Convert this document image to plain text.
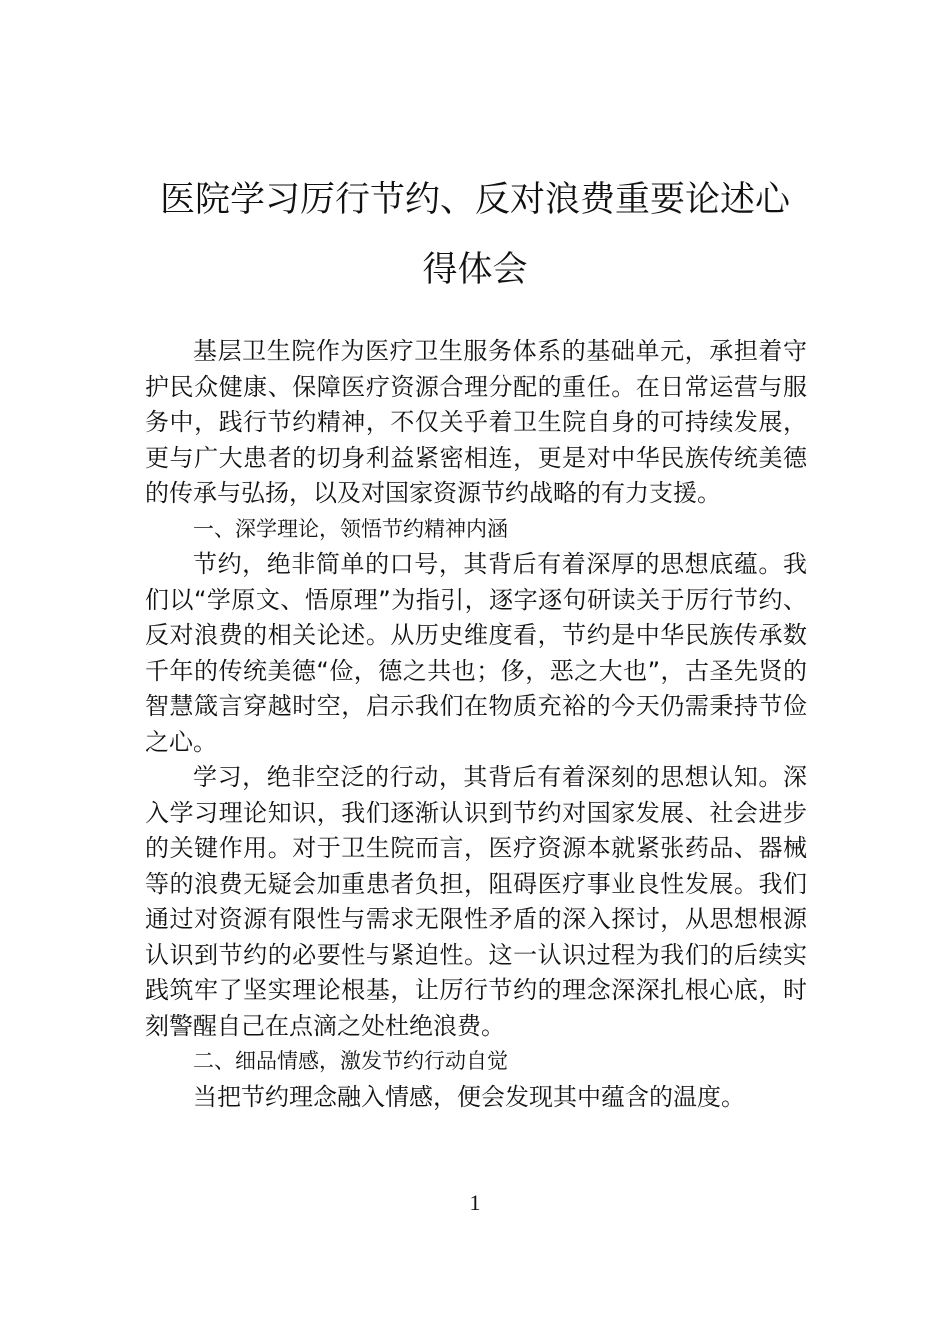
医院学习厉行节约、反对浪费重要论述心
得体会

基层卫生院作为医疗卫生服务体系的基础单元，承担着守护民众健康、保障医疗资源合理分配的重任。在日常运营与服务中，践行节约精神，不仅关乎着卫生院自身的可持续发展，更与广大患者的切身利益紧密相连，更是对中华民族传统美德的传承与弘扬，以及对国家资源节约战略的有力支援。

一、深学理论，领悟节约精神内涵

节约，绝非简单的口号，其背后有着深厚的思想底蕴。我们以“学原文、悟原理”为指引，逐字逐句研读关于厉行节约、反对浪费的相关论述。从历史维度看，节约是中华民族传承数千年的传统美德“俭，德之共也；侈，恶之大也”，古圣先贤的智慧箴言穿越时空，启示我们在物质充裕的今天仍需秉持节俭之心。

学习，绝非空泛的行动，其背后有着深刻的思想认知。深入学习理论知识，我们逐渐认识到节约对国家发展、社会进步的关键作用。对于卫生院而言，医疗资源本就紧张药品、器械等的浪费无疑会加重患者负担，阻碍医疗事业良性发展。我们通过对资源有限性与需求无限性矛盾的深入探讨，从思想根源认识到节约的必要性与紧迫性。这一认识过程为我们的后续实践筑牢了坚实理论根基，让厉行节约的理念深深扎根心底，时刻警醒自己在点滴之处杜绝浪费。

二、细品情感，激发节约行动自觉

当把节约理念融入情感，便会发现其中蕴含的温度。

1
